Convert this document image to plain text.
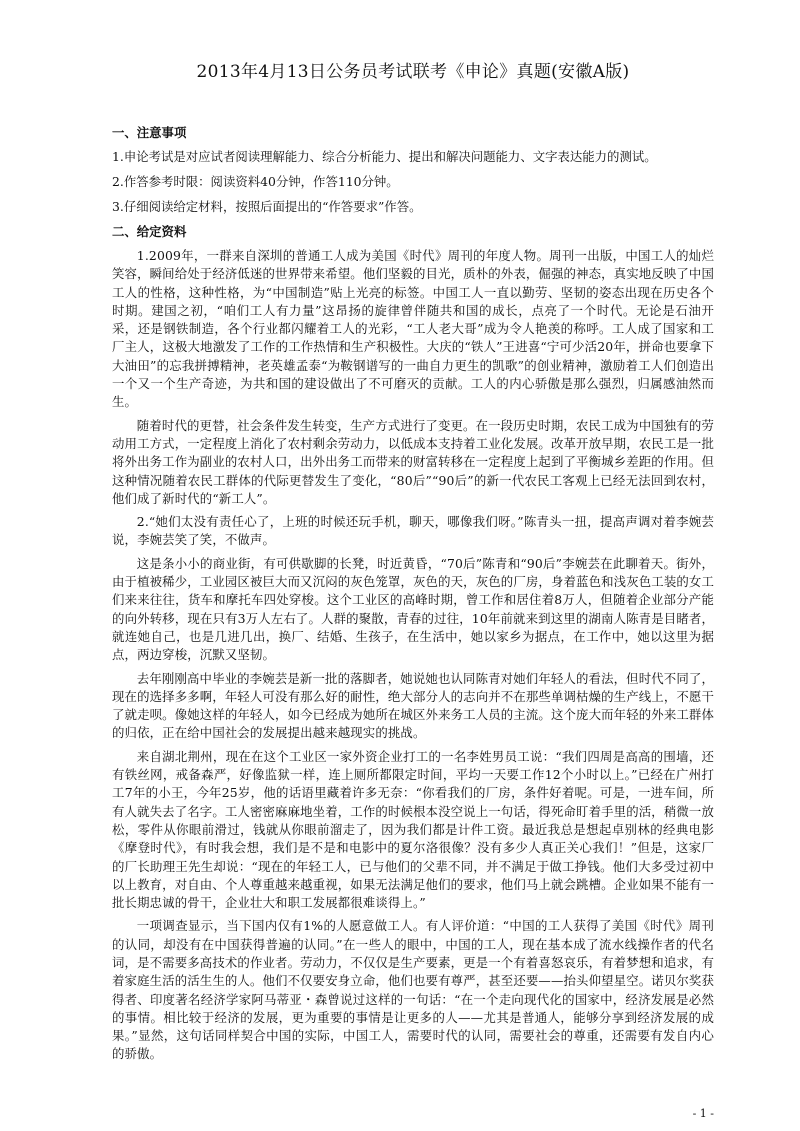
2013年4月13日公务员考试联考《申论》真题(安徽A版)
一、注意事项
1.申论考试是对应试者阅读理解能力、综合分析能力、提出和解决问题能力、文字表达能力的测试。
2.作答参考时限：阅读资料40分钟，作答110分钟。
3.仔细阅读给定材料，按照后面提出的“作答要求”作答。
二、给定资料

1.2009年，一群来自深圳的普通工人成为美国《时代》周刊的年度人物。周刊一出版，中国工人的灿烂笑容，瞬间给处于经济低迷的世界带来希望。他们坚毅的目光，质朴的外表，倔强的神态，真实地反映了中国工人的性格，这种性格，为“中国制造”贴上光亮的标签。中国工人一直以勤劳、坚韧的姿态出现在历史各个时期。建国之初，“咱们工人有力量”这昂扬的旋律曾伴随共和国的成长，点亮了一个时代。无论是石油开采，还是钢铁制造，各个行业都闪耀着工人的光彩，“工人老大哥”成为令人艳羡的称呼。工人成了国家和工厂主人，这极大地激发了工作的工作热情和生产积极性。大庆的“铁人”王进喜“宁可少活20年，拼命也要拿下大油田”的忘我拼搏精神，老英雄孟泰“为鞍钢谱写的一曲自力更生的凯歌”的创业精神，激励着工人们创造出一个又一个生产奇迹，为共和国的建设做出了不可磨灭的贡献。工人的内心骄傲是那么强烈，归属感油然而生。

随着时代的更替，社会条件发生转变，生产方式进行了变更。在一段历史时期，农民工成为中国独有的劳动用工方式，一定程度上消化了农村剩余劳动力，以低成本支持着工业化发展。改革开放早期，农民工是一批将外出务工作为副业的农村人口，出外出务工而带来的财富转移在一定程度上起到了平衡城乡差距的作用。但这种情况随着农民工群体的代际更替发生了变化，“80后”“90后”的新一代农民工客观上已经无法回到农村，他们成了新时代的“新工人”。

2.“她们太没有责任心了，上班的时候还玩手机，聊天，哪像我们呀。”陈青头一扭，提高声调对着李婉芸说，李婉芸笑了笑，不做声。

这是条小小的商业街，有可供歇脚的长凳，时近黄昏，“70后”陈青和“90后”李婉芸在此聊着天。街外，由于植被稀少，工业园区被巨大而又沉闷的灰色笼罩，灰色的天，灰色的厂房，身着蓝色和浅灰色工装的女工们来来往往，货车和摩托车四处穿梭。这个工业区的高峰时期，曾工作和居住着8万人，但随着企业部分产能的向外转移，现在只有3万人左右了。人群的聚散，青春的过往，10年前就来到这里的湖南人陈青是目睹者，就连她自己，也是几进几出，换厂、结婚、生孩子，在生活中，她以家乡为据点，在工作中，她以这里为据点，两边穿梭，沉默又坚韧。

去年刚刚高中毕业的李婉芸是新一批的落脚者，她说她也认同陈青对她们年轻人的看法，但时代不同了，现在的选择多多啊，年轻人可没有那么好的耐性，绝大部分人的志向并不在那些单调枯燥的生产线上，不愿干了就走呗。像她这样的年轻人，如今已经成为她所在城区外来务工人员的主流。这个庞大而年轻的外来工群体的归依，正在给中国社会的发展提出越来越现实的挑战。

来自湖北荆州，现在在这个工业区一家外资企业打工的一名李姓男员工说：“我们四周是高高的围墙，还有铁丝网，戒备森严，好像监狱一样，连上厕所都限定时间，平均一天要工作12个小时以上。”已经在广州打工7年的小王，今年25岁，他的话语里藏着许多无奈：“你看我们的厂房，条件好着呢。可是，一进车间，所有人就失去了名字。工人密密麻麻地坐着，工作的时候根本没空说上一句话，得死命盯着手里的活，稍微一放松，零件从你眼前滑过，钱就从你眼前溜走了，因为我们都是计件工资。最近我总是想起卓别林的经典电影《摩登时代》，有时我会想，我们是不是和电影中的夏尔洛很像？没有多少人真正关心我们！”但是，这家厂的厂长助理王先生却说：“现在的年轻工人，已与他们的父辈不同，并不满足于做工挣钱。他们大多受过初中以上教育，对自由、个人尊重越来越重视，如果无法满足他们的要求，他们马上就会跳槽。企业如果不能有一批长期忠诚的骨干，企业壮大和职工发展都很难谈得上。”

一项调查显示，当下国内仅有1%的人愿意做工人。有人评价道：“中国的工人获得了美国《时代》周刊的认同，却没有在中国获得普遍的认同。”在一些人的眼中，中国的工人，现在基本成了流水线操作者的代名词，是不需要多高技术的作业者。劳动力，不仅仅是生产要素，更是一个有着喜怒哀乐，有着梦想和追求，有着家庭生活的活生生的人。他们不仅要安身立命，他们也要有尊严，甚至还要——抬头仰望星空。诺贝尔奖获得者、印度著名经济学家阿马蒂亚・森曾说过这样的一句话：“在一个走向现代化的国家中，经济发展是必然的事情。相比较于经济的发展，更为重要的事情是让更多的人——尤其是普通人，能够分享到经济发展的成果。”显然，这句话同样契合中国的实际，中国工人，需要时代的认同，需要社会的尊重，还需要有发自内心的骄傲。

- 1 -
